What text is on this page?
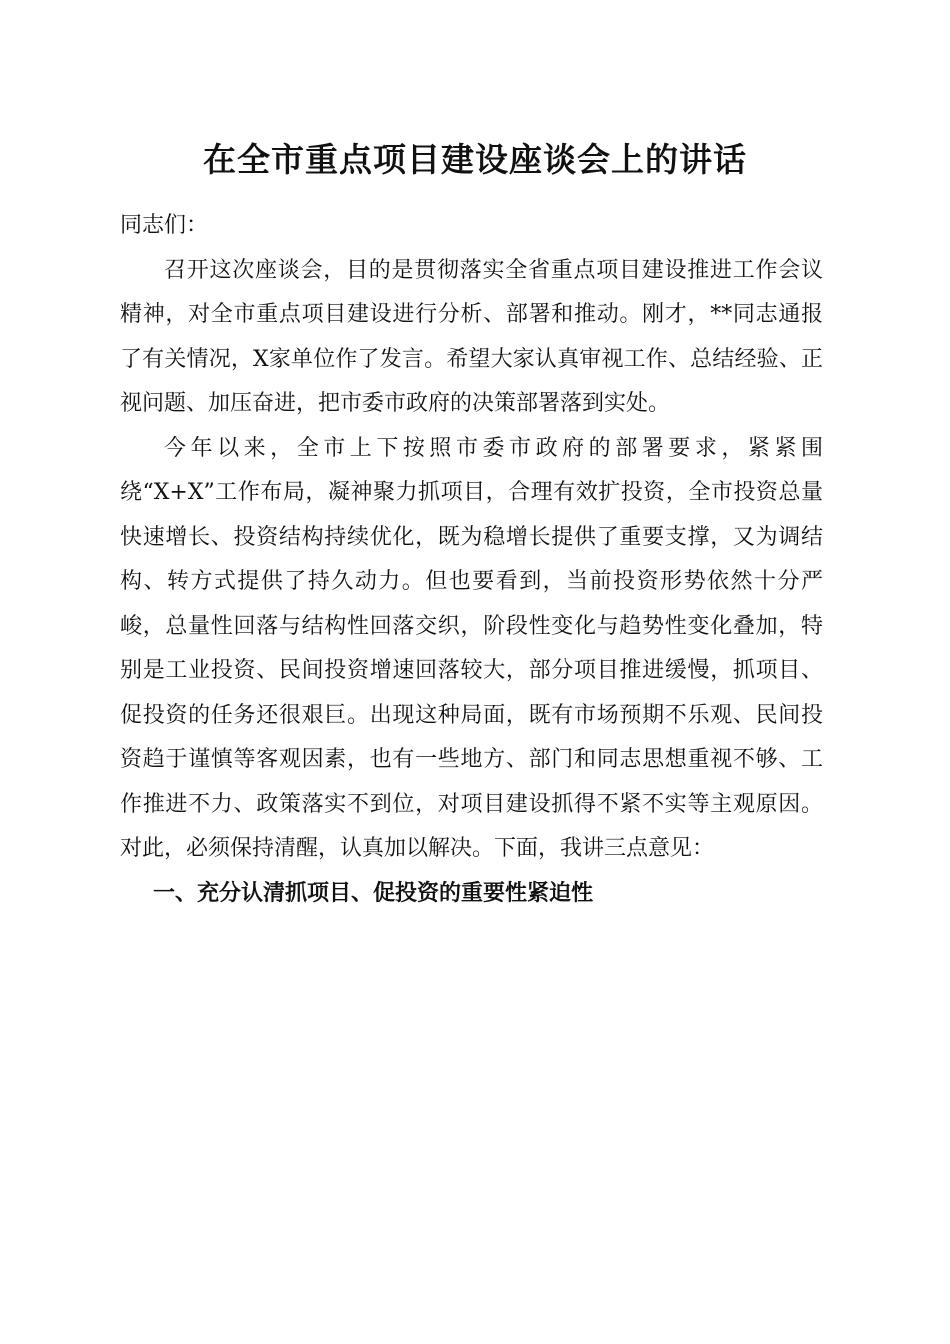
在全市重点项目建设座谈会上的讲话

同志们：

召开这次座谈会，目的是贯彻落实全省重点项目建设推进工作会议精神，对全市重点项目建设进行分析、部署和推动。刚才，**同志通报了有关情况，X家单位作了发言。希望大家认真审视工作、总结经验、正视问题、加压奋进，把市委市政府的决策部署落到实处。

今年以来，全市上下按照市委市政府的部署要求，紧紧围绕“X+X”工作布局，凝神聚力抓项目，合理有效扩投资，全市投资总量快速增长、投资结构持续优化，既为稳增长提供了重要支撑，又为调结构、转方式提供了持久动力。但也要看到，当前投资形势依然十分严峻，总量性回落与结构性回落交织，阶段性变化与趋势性变化叠加，特别是工业投资、民间投资增速回落较大，部分项目推进缓慢，抓项目、促投资的任务还很艰巨。出现这种局面，既有市场预期不乐观、民间投资趋于谨慎等客观因素，也有一些地方、部门和同志思想重视不够、工作推进不力、政策落实不到位，对项目建设抓得不紧不实等主观原因。对此，必须保持清醒，认真加以解决。下面，我讲三点意见：

一、充分认清抓项目、促投资的重要性紧迫性
